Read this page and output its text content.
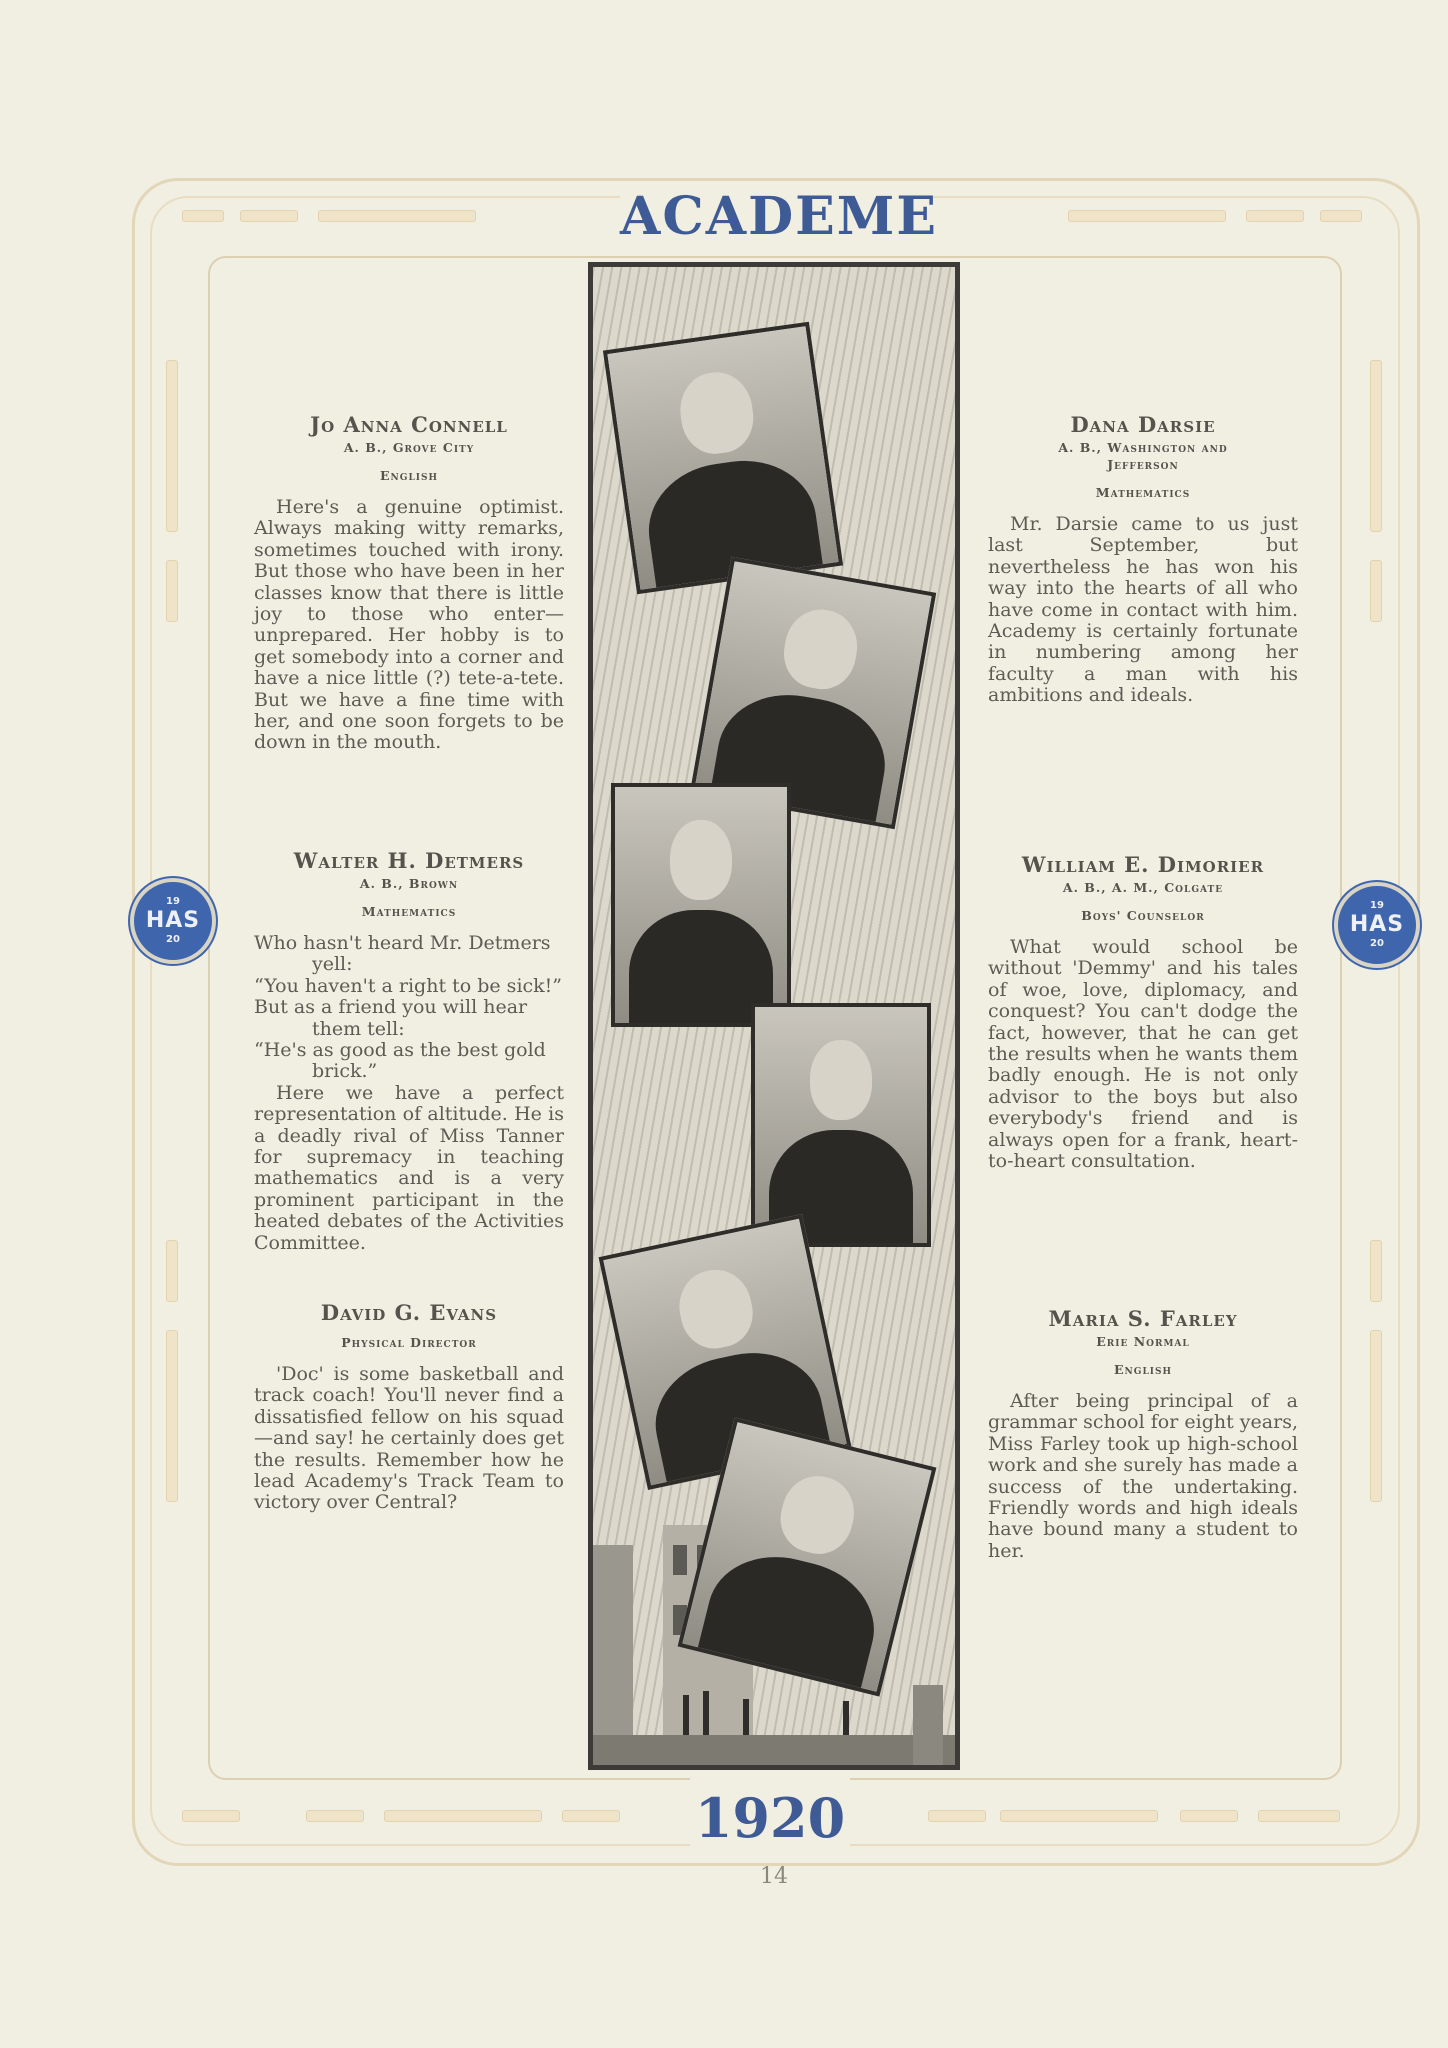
ACADEME
1920
14
19
HAS
20
19
HAS
20
Jo Anna Connell
A. B., Grove City
English
Here's a genuine optimist. Always making witty remarks, sometimes touched with irony. But those who have been in her classes know that there is little joy to those who enter—unprepared. Her hobby is to get somebody into a corner and have a nice little (?) tete-a-tete. But we have a fine time with her, and one soon forgets to be down in the mouth.
Walter H. Detmers
A. B., Brown
Mathematics
Who hasn't heard Mr. Detmers yell:
“You haven't a right to be sick!”
But as a friend you will hear them tell:
“He's as good as the best gold brick.”
Here we have a perfect representation of altitude. He is a deadly rival of Miss Tanner for supremacy in teaching mathematics and is a very prominent participant in the heated debates of the Activities Committee.
David G. Evans
Physical Director
'Doc' is some basketball and track coach! You'll never find a dissatisfied fellow on his squad—and say! he certainly does get the results. Remember how he lead Academy's Track Team to victory over Central?
Dana Darsie
A. B., Washington and Jefferson
Mathematics
Mr. Darsie came to us just last September, but nevertheless he has won his way into the hearts of all who have come in contact with him. Academy is certainly fortunate in numbering among her faculty a man with his ambitions and ideals.
William E. Dimorier
A. B., A. M., Colgate
Boys' Counselor
What would school be without 'Demmy' and his tales of woe, love, diplomacy, and conquest? You can't dodge the fact, however, that he can get the results when he wants them badly enough. He is not only advisor to the boys but also everybody's friend and is always open for a frank, heart-to-heart consultation.
Maria S. Farley
Erie Normal
English
After being principal of a grammar school for eight years, Miss Farley took up high-school work and she surely has made a success of the undertaking. Friendly words and high ideals have bound many a student to her.
